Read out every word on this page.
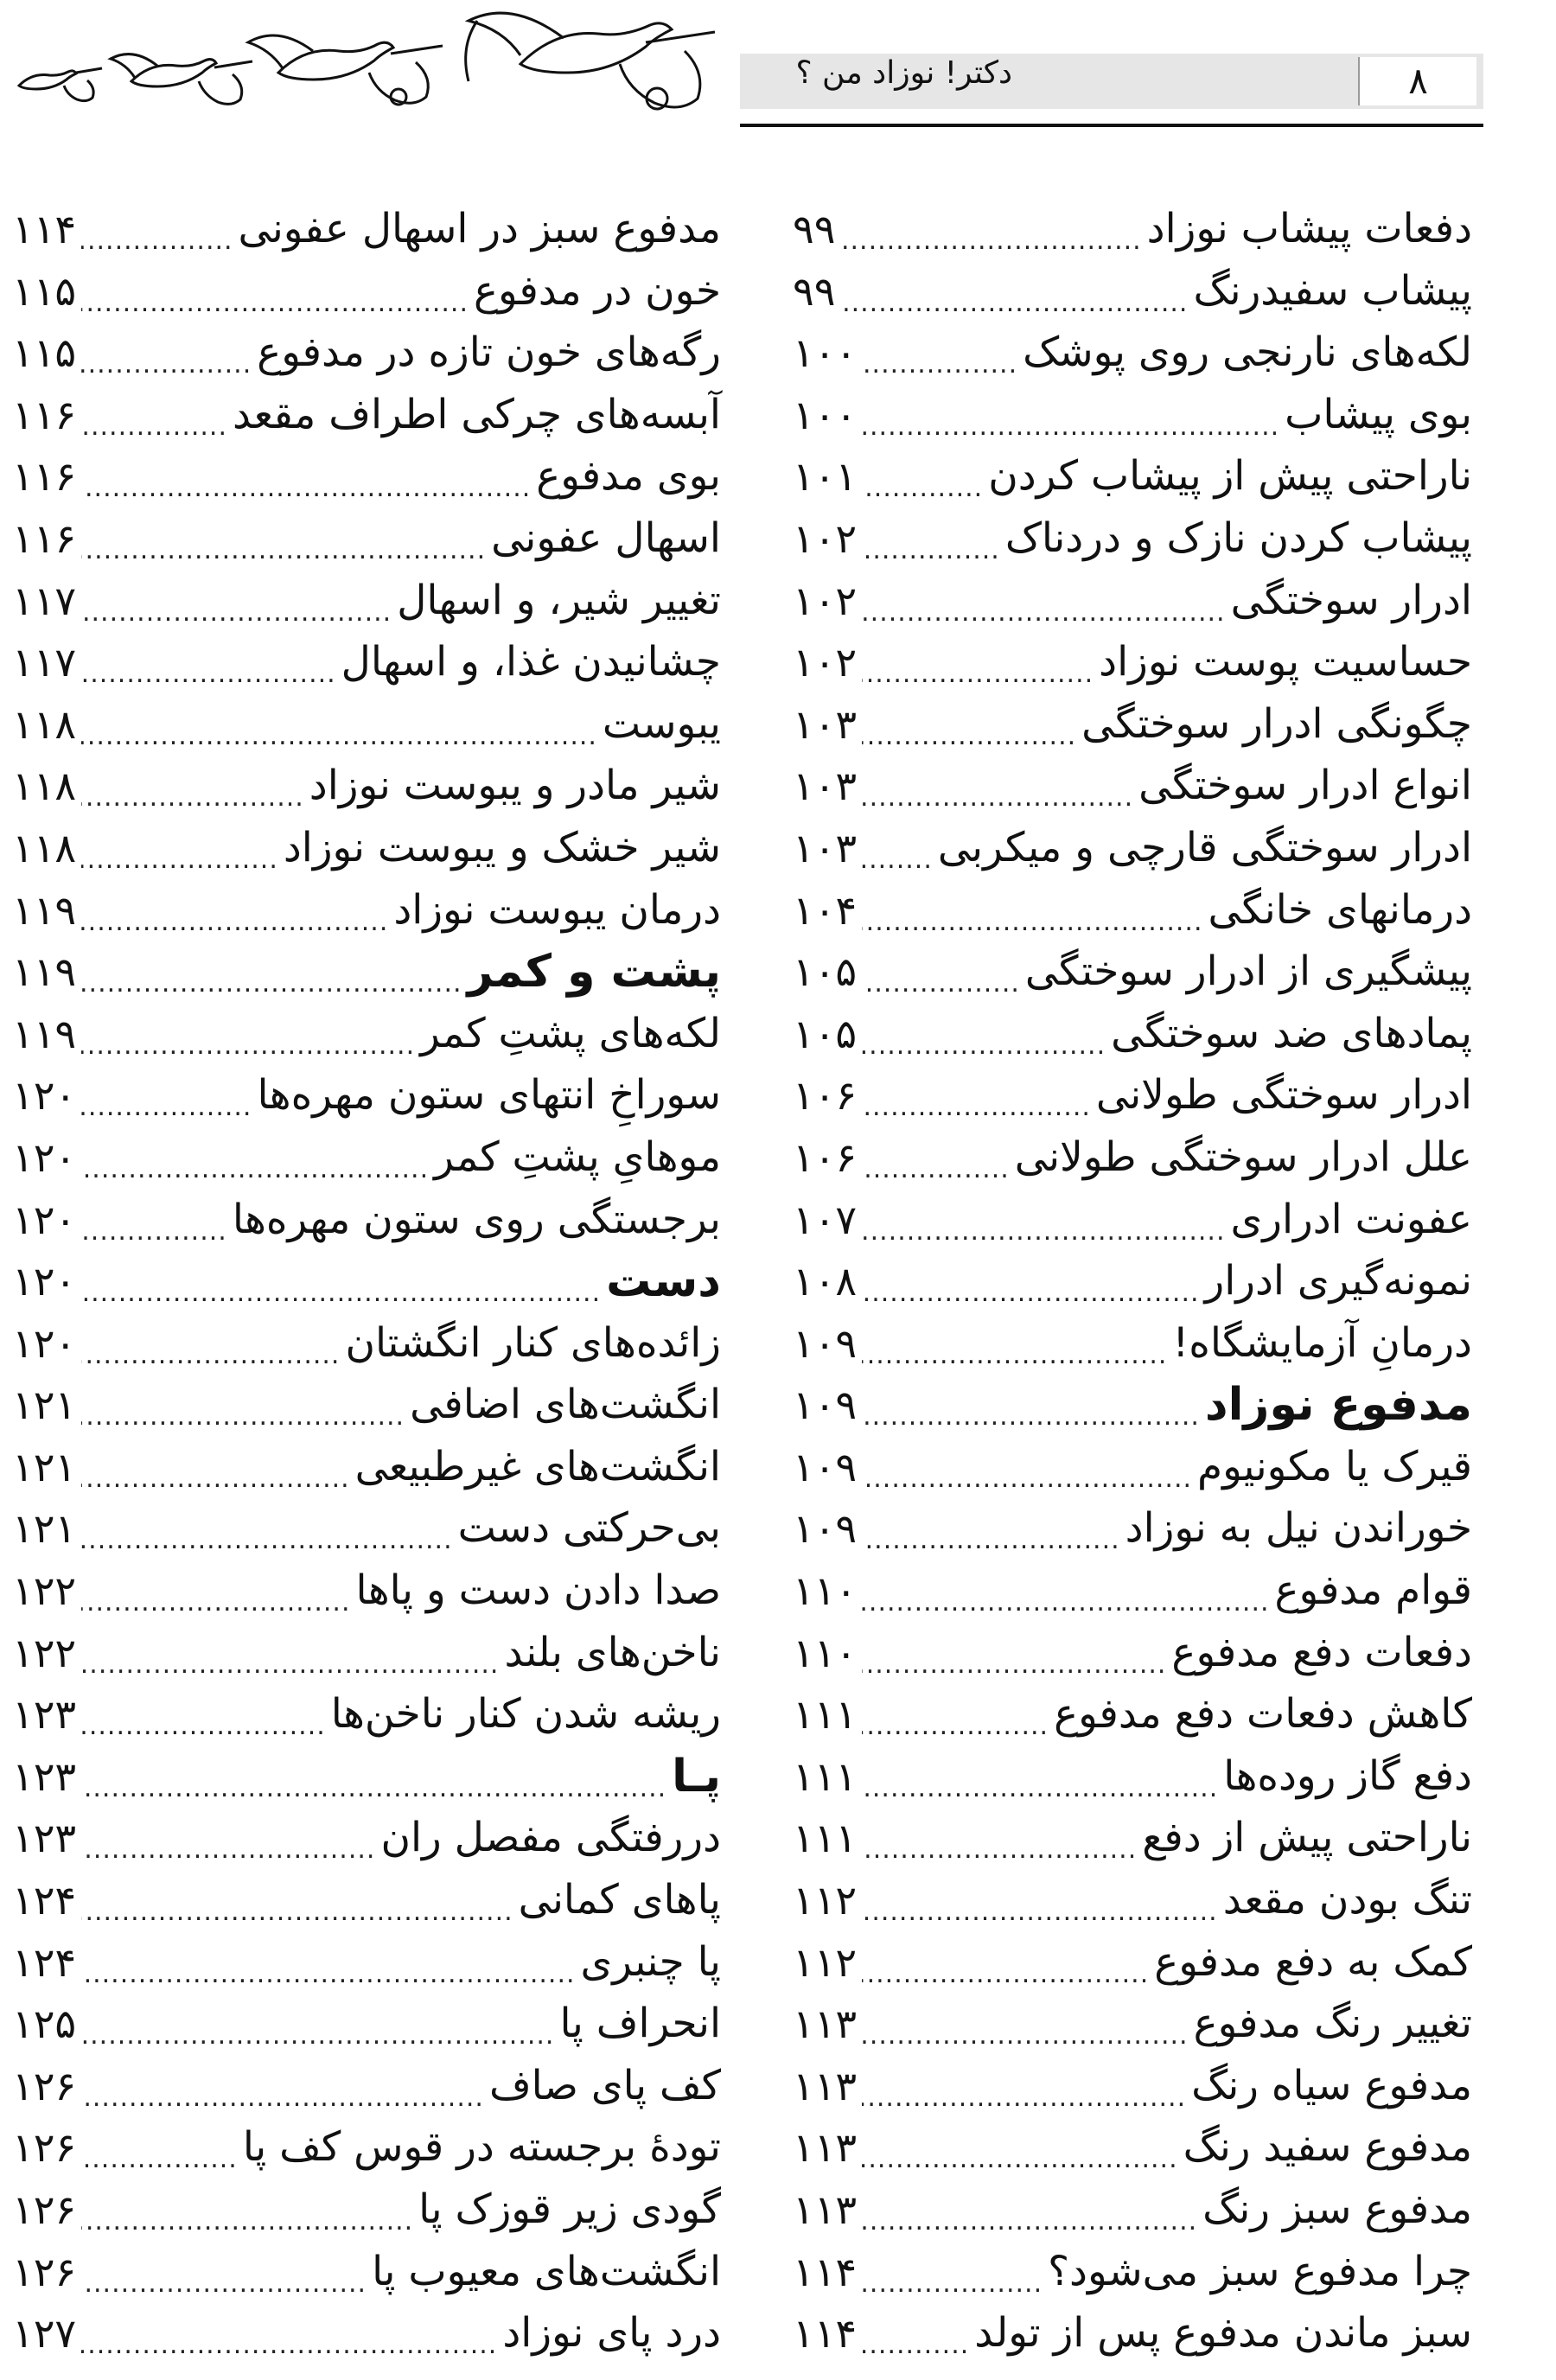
۸
دکتر! نوزاد من ؟
دفعات پیشاب نوزاد
.....
۹۹
پیشاب سفیدرنگ
.....
۹۹
لکه‌های نارنجی روی پوشک
.....
۱۰۰
بوی پیشاب
.....
۱۰۰
ناراحتی پیش از پیشاب کردن
.....
۱۰۱
پیشاب کردن نازک و دردناک
.....
۱۰۲
ادرار سوختگی
.....
۱۰۲
حساسیت پوست نوزاد
.....
۱۰۲
چگونگی ادرار سوختگی
.....
۱۰۳
انواع ادرار سوختگی
.....
۱۰۳
ادرار سوختگی قارچی و میکربی
.....
۱۰۳
درمانهای خانگی
.....
۱۰۴
پیشگیری از ادرار سوختگی
.....
۱۰۵
پمادهای ضد سوختگی
.....
۱۰۵
ادرار سوختگی طولانی
.....
۱۰۶
علل ادرار سوختگی طولانی
.....
۱۰۶
عفونت ادراری
.....
۱۰۷
نمونه‌گیری ادرار
.....
۱۰۸
درمانِ آزمایشگاه!
.....
۱۰۹
مدفوع نوزاد
.....
۱۰۹
قیرک یا مکونیوم
.....
۱۰۹
خوراندن نیل به نوزاد
.....
۱۰۹
قوام مدفوع
.....
۱۱۰
دفعات دفع مدفوع
.....
۱۱۰
کاهش دفعات دفع مدفوع
.....
۱۱۱
دفع گاز روده‌ها
.....
۱۱۱
ناراحتی پیش از دفع
.....
۱۱۱
تنگ بودن مقعد
.....
۱۱۲
کمک به دفع مدفوع
.....
۱۱۲
تغییر رنگ مدفوع
.....
۱۱۳
مدفوع سیاه رنگ
.....
۱۱۳
مدفوع سفید رنگ
.....
۱۱۳
مدفوع سبز رنگ
.....
۱۱۳
چرا مدفوع سبز می‌شود؟
.....
۱۱۴
سبز ماندن مدفوع پس از تولد
.....
۱۱۴
مدفوع سبز در اسهال عفونی
.....
۱۱۴
خون در مدفوع
.....
۱۱۵
رگه‌های خون تازه در مدفوع
.....
۱۱۵
آبسه‌های چرکی اطراف مقعد
.....
۱۱۶
بوی مدفوع
.....
۱۱۶
اسهال عفونی
.....
۱۱۶
تغییر شیر، و اسهال
.....
۱۱۷
چشانیدن غذا، و اسهال
.....
۱۱۷
یبوست
.....
۱۱۸
شیر مادر و یبوست نوزاد
.....
۱۱۸
شیر خشک و یبوست نوزاد
.....
۱۱۸
درمان یبوست نوزاد
.....
۱۱۹
پشت و کمر
.....
۱۱۹
لکه‌های پشتِ کمر
.....
۱۱۹
سوراخِ انتهای ستون مهره‌ها
.....
۱۲۰
موهایِ پشتِ کمر
.....
۱۲۰
برجستگی روی ستون مهره‌ها
.....
۱۲۰
دست
.....
۱۲۰
زائده‌های کنار انگشتان
.....
۱۲۰
انگشت‌های اضافی
.....
۱۲۱
انگشت‌های غیرطبیعی
.....
۱۲۱
بی‌حرکتی دست
.....
۱۲۱
صدا دادن دست و پاها
.....
۱۲۲
ناخن‌های بلند
.....
۱۲۲
ریشه شدن کنار ناخن‌ها
.....
۱۲۳
پـا
.....
۱۲۳
دررفتگی مفصل ران
.....
۱۲۳
پاهای کمانی
.....
۱۲۴
پا چنبری
.....
۱۲۴
انحراف پا
.....
۱۲۵
کف پای صاف
.....
۱۲۶
تودهٔ برجسته در قوس کف پا
.....
۱۲۶
گودی زیر قوزک پا
.....
۱۲۶
انگشت‌های معیوب پا
.....
۱۲۶
درد پای نوزاد
.....
۱۲۷
